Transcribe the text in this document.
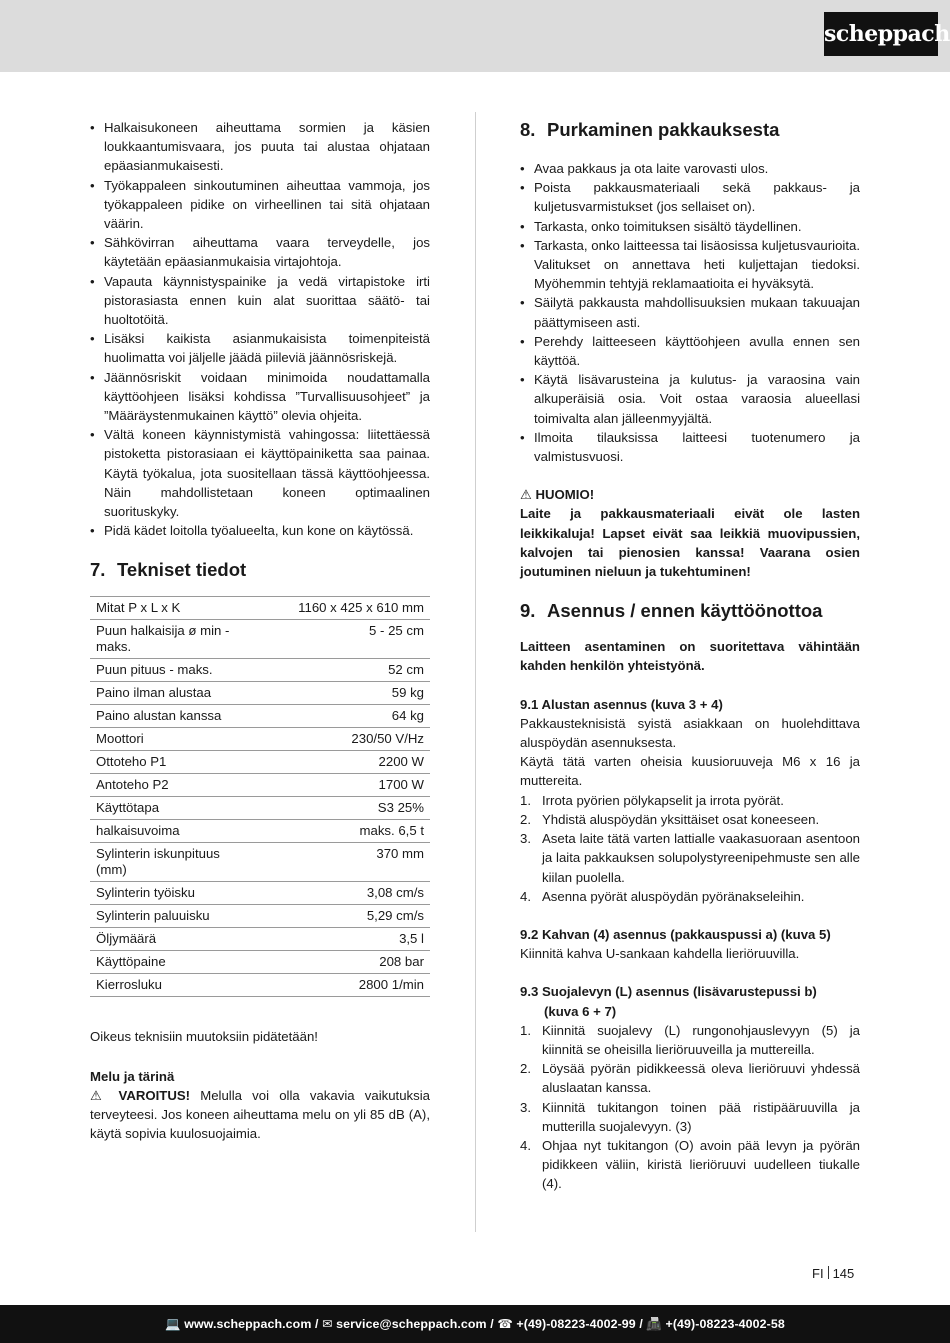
scheppach
• Halkaisukoneen aiheuttama sormien ja käsien loukkaantumisvaara, jos puuta tai alustaa ohjataan epäasianmukaisesti.
• Työkappaleen sinkoutuminen aiheuttaa vammoja, jos työkappaleen pidike on virheellinen tai sitä ohjataan väärin.
• Sähkövirran aiheuttama vaara terveydelle, jos käytetään epäasianmukaisia virtajohtoja.
• Vapauta käynnistyspainike ja vedä virtapistoke irti pistorasiasta ennen kuin alat suorittaa säätö- tai huoltotöitä.
• Lisäksi kaikista asianmukaisista toimenpiteistä huolimatta voi jäljelle jäädä piileviä jäännösriskejä.
• Jäännösriskit voidaan minimoida noudattamalla käyttöohjeen lisäksi kohdissa ”Turvallisuusohjeet” ja ”Määräystenmukainen käyttö” olevia ohjeita.
• Vältä koneen käynnistymistä vahingossa: liitettäessä pistoketta pistorasiaan ei käyttöpainiketta saa painaa. Käytä työkalua, jota suositellaan tässä käyttöohjeessa. Näin mahdollistetaan koneen optimaalinen suorituskyky.
• Pidä kädet loitolla työalueelta, kun kone on käytössä.
7. Tekniset tiedot
Mitat P x L x K	1160 x 425 x 610 mm
Puun halkaisija ø min - maks.	5 - 25 cm
Puun pituus - maks.	52 cm
Paino ilman alustaa	59 kg
Paino alustan kanssa	64 kg
Moottori	230/50 V/Hz
Ottoteho P1	2200 W
Antoteho P2	1700 W
Käyttötapa	S3 25%
halkaisuvoima	maks. 6,5 t
Sylinterin iskunpituus (mm)	370 mm
Sylinterin työisku	3,08 cm/s
Sylinterin paluuisku	5,29 cm/s
Öljymäärä	3,5 l
Käyttöpaine	208 bar
Kierrosluku	2800 1/min
Oikeus teknisiin muutoksiin pidätetään!
Melu ja tärinä
⚠ VAROITUS! Melulla voi olla vakavia vaikutuksia terveyteesi. Jos koneen aiheuttama melu on yli 85 dB (A), käytä sopivia kuulosuojaimia.
8. Purkaminen pakkauksesta
• Avaa pakkaus ja ota laite varovasti ulos.
• Poista pakkausmateriaali sekä pakkaus- ja kuljetusvarmistukset (jos sellaiset on).
• Tarkasta, onko toimituksen sisältö täydellinen.
• Tarkasta, onko laitteessa tai lisäosissa kuljetusvaurioita. Valitukset on annettava heti kuljettajan tiedoksi. Myöhemmin tehtyjä reklamaatioita ei hyväksytä.
• Säilytä pakkausta mahdollisuuksien mukaan takuuajan päättymiseen asti.
• Perehdy laitteeseen käyttöohjeen avulla ennen sen käyttöä.
• Käytä lisävarusteina ja kulutus- ja varaosina vain alkuperäisiä osia. Voit ostaa varaosia alueellasi toimivalta alan jälleenmyyjältä.
• Ilmoita tilauksissa laitteesi tuotenumero ja valmistusvuosi.
⚠ HUOMIO!
Laite ja pakkausmateriaali eivät ole lasten leikkikaluja! Lapset eivät saa leikkiä muovipussien, kalvojen tai pienosien kanssa! Vaarana osien joutuminen nieluun ja tukehtuminen!
9. Asennus / ennen käyttöönottoa
Laitteen asentaminen on suoritettava vähintään kahden henkilön yhteistyönä.
9.1 Alustan asennus (kuva 3 + 4)
Pakkausteknisistä syistä asiakkaan on huolehdittava aluspöydän asennuksesta.
Käytä tätä varten oheisia kuusioruuveja M6 x 16 ja muttereita.
1. Irrota pyörien pölykapselit ja irrota pyörät.
2. Yhdistä aluspöydän yksittäiset osat koneeseen.
3. Aseta laite tätä varten lattialle vaakasuoraan asentoon ja laita pakkauksen solupolystyreenipehmuste sen alle kiilan puolella.
4. Asenna pyörät aluspöydän pyöränakseleihin.
9.2 Kahvan (4) asennus (pakkauspussi a) (kuva 5)
Kiinnitä kahva U-sankaan kahdella lieriöruuvilla.
9.3 Suojalevyn (L) asennus (lisävarustepussi b)
(kuva 6 + 7)
1. Kiinnitä suojalevy (L) rungonohjauslevyyn (5) ja kiinnitä se oheisilla lieriöruuveilla ja muttereilla.
2. Löysää pyörän pidikkeessä oleva lieriöruuvi yhdessä aluslaatan kanssa.
3. Kiinnitä tukitangon toinen pää ristipääruuvilla ja mutterilla suojalevyyn. (3)
4. Ohjaa nyt tukitangon (O) avoin pää levyn ja pyörän pidikkeen väliin, kiristä lieriöruuvi uudelleen tiukalle (4).
FI 145
💻 www.scheppach.com / ✉ service@scheppach.com / ☎ +(49)-08223-4002-99 / 📠 +(49)-08223-4002-58
